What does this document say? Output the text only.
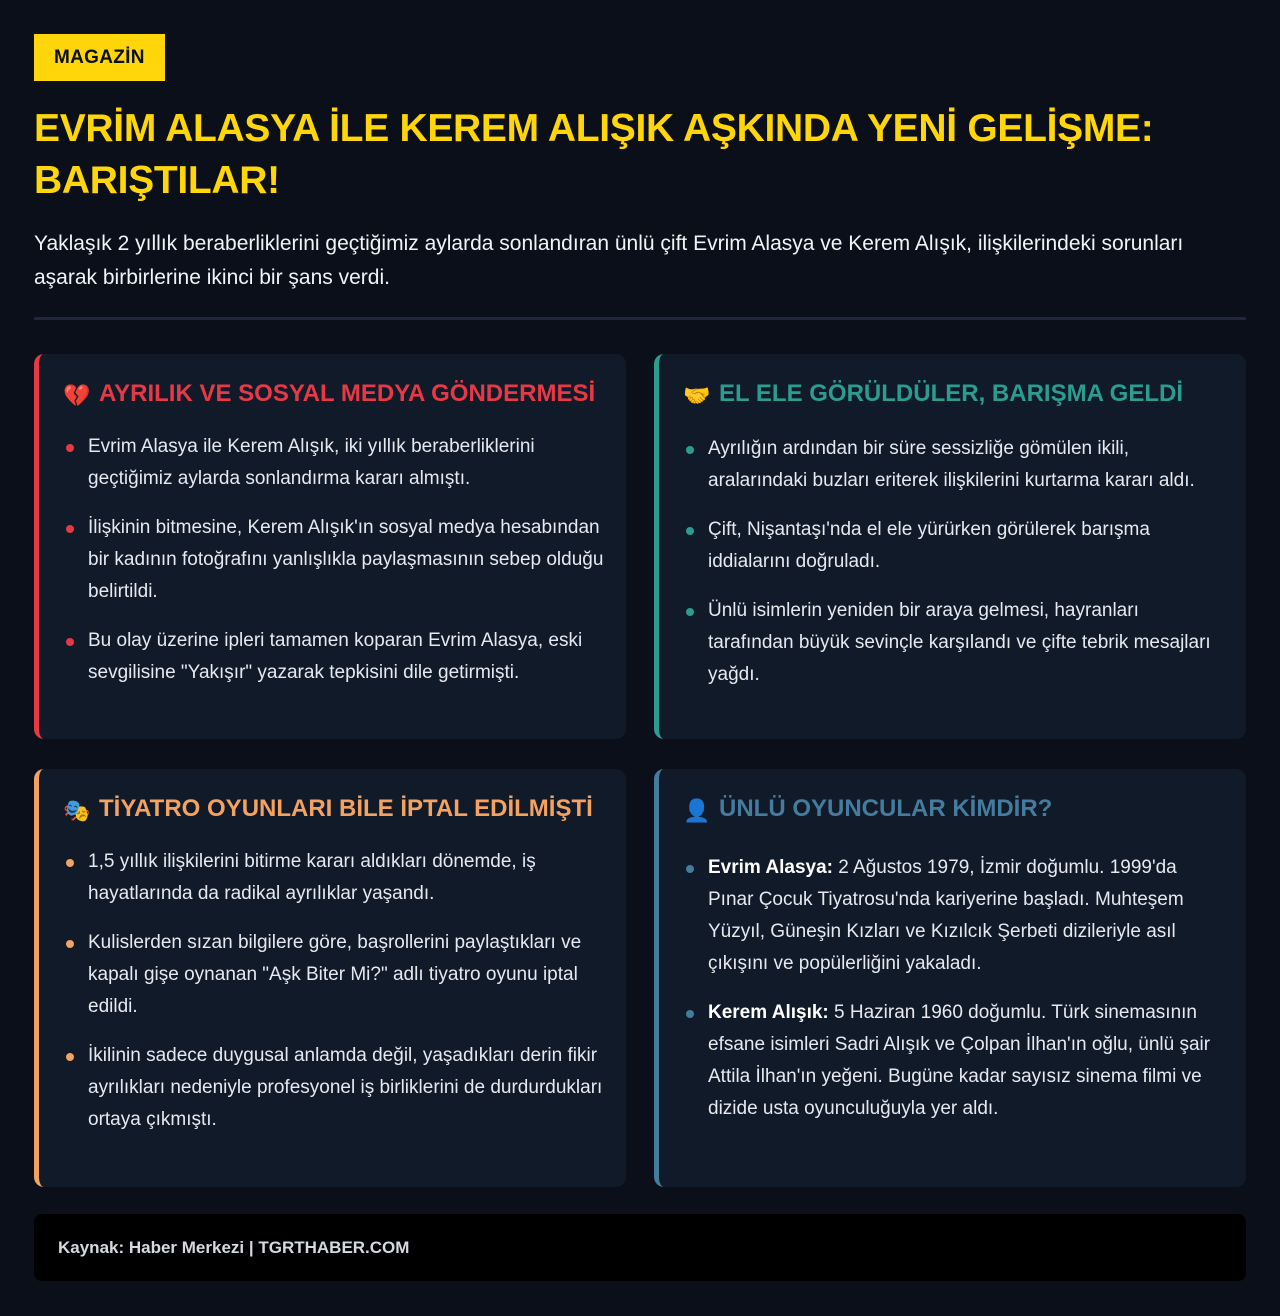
MAGAZİN
EVRİM ALASYA İLE KEREM ALIŞIK AŞKINDA YENİ GELİŞME: BARIŞTILAR!

Yaklaşık 2 yıllık beraberliklerini geçtiğimiz aylarda sonlandıran ünlü çift Evrim Alasya ve Kerem Alışık, ilişkilerindeki sorunları aşarak birbirlerine ikinci bir şans verdi.

💔 AYRILIK VE SOSYAL MEDYA GÖNDERMESİ
Evrim Alasya ile Kerem Alışık, iki yıllık beraberliklerini geçtiğimiz aylarda sonlandırma kararı almıştı.
İlişkinin bitmesine, Kerem Alışık'ın sosyal medya hesabından bir kadının fotoğrafını yanlışlıkla paylaşmasının sebep olduğu belirtildi.
Bu olay üzerine ipleri tamamen koparan Evrim Alasya, eski sevgilisine "Yakışır" yazarak tepkisini dile getirmişti.
🤝 EL ELE GÖRÜLDÜLER, BARIŞMA GELDİ
Ayrılığın ardından bir süre sessizliğe gömülen ikili, aralarındaki buzları eriterek ilişkilerini kurtarma kararı aldı.
Çift, Nişantaşı'nda el ele yürürken görülerek barışma iddialarını doğruladı.
Ünlü isimlerin yeniden bir araya gelmesi, hayranları tarafından büyük sevinçle karşılandı ve çifte tebrik mesajları yağdı.
🎭 TİYATRO OYUNLARI BİLE İPTAL EDİLMİŞTİ
1,5 yıllık ilişkilerini bitirme kararı aldıkları dönemde, iş hayatlarında da radikal ayrılıklar yaşandı.
Kulislerden sızan bilgilere göre, başrollerini paylaştıkları ve kapalı gişe oynanan "Aşk Biter Mi?" adlı tiyatro oyunu iptal edildi.
İkilinin sadece duygusal anlamda değil, yaşadıkları derin fikir ayrılıkları nedeniyle profesyonel iş birliklerini de durdurdukları ortaya çıkmıştı.
👤 ÜNLÜ OYUNCULAR KİMDİR?
Evrim Alasya: 2 Ağustos 1979, İzmir doğumlu. 1999'da Pınar Çocuk Tiyatrosu'nda kariyerine başladı. Muhteşem Yüzyıl, Güneşin Kızları ve Kızılcık Şerbeti dizileriyle asıl çıkışını ve popülerliğini yakaladı.
Kerem Alışık: 5 Haziran 1960 doğumlu. Türk sinemasının efsane isimleri Sadri Alışık ve Çolpan İlhan'ın oğlu, ünlü şair Attila İlhan'ın yeğeni. Bugüne kadar sayısız sinema filmi ve dizide usta oyunculuğuyla yer aldı.
Kaynak: Haber Merkezi | TGRTHABER.COM
